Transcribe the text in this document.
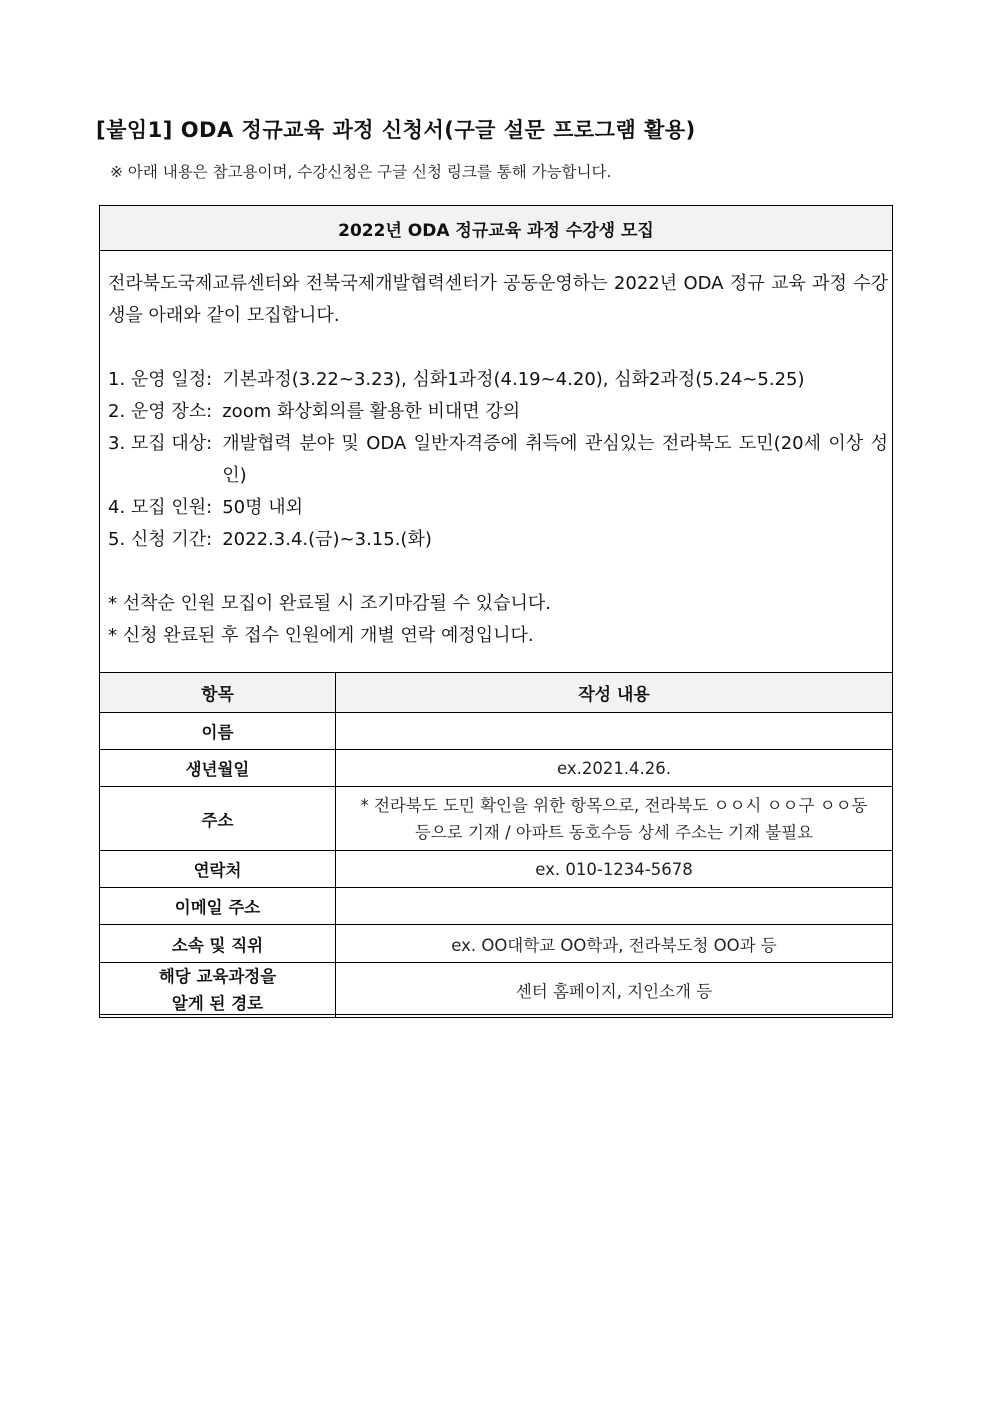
[붙임1] ODA 정규교육 과정 신청서(구글 설문 프로그램 활용)
※ 아래 내용은 참고용이며, 수강신청은 구글 신청 링크를 통해 가능합니다.
2022년 ODA 정규교육 과정 수강생 모집

전라북도국제교류센터와 전북국제개발협력센터가 공동운영하는 2022년 ODA 정규 교육 과정 수강생을 아래와 같이 모집합니다.

1. 운영 일정: 기본과정(3.22~3.23), 심화1과정(4.19~4.20), 심화2과정(5.24~5.25)
2. 운영 장소: zoom 화상회의를 활용한 비대면 강의
3. 모집 대상: 개발협력 분야 및 ODA 일반자격증에 취득에 관심있는 전라북도 도민(20세 이상 성인)
4. 모집 인원: 50명 내외
5. 신청 기간: 2022.3.4.(금)~3.15.(화)

* 선착순 인원 모집이 완료될 시 조기마감될 수 있습니다.

* 신청 완료된 후 접수 인원에게 개별 연락 예정입니다.

항목	작성 내용
이름	
생년월일	ex.2021.4.26.
주소	* 전라북도 도민 확인을 위한 항목으로, 전라북도 ㅇㅇ시 ㅇㅇ구 ㅇㅇ동
등으로 기재 / 아파트 동호수등 상세 주소는 기재 불필요

연락처	ex. 010-1234-5678
이메일 주소	
소속 및 직위	ex. OO대학교 OO학과, 전라북도청 OO과 등

해당 교육과정을
알게 된 경로	센터 홈페이지, 지인소개 등
